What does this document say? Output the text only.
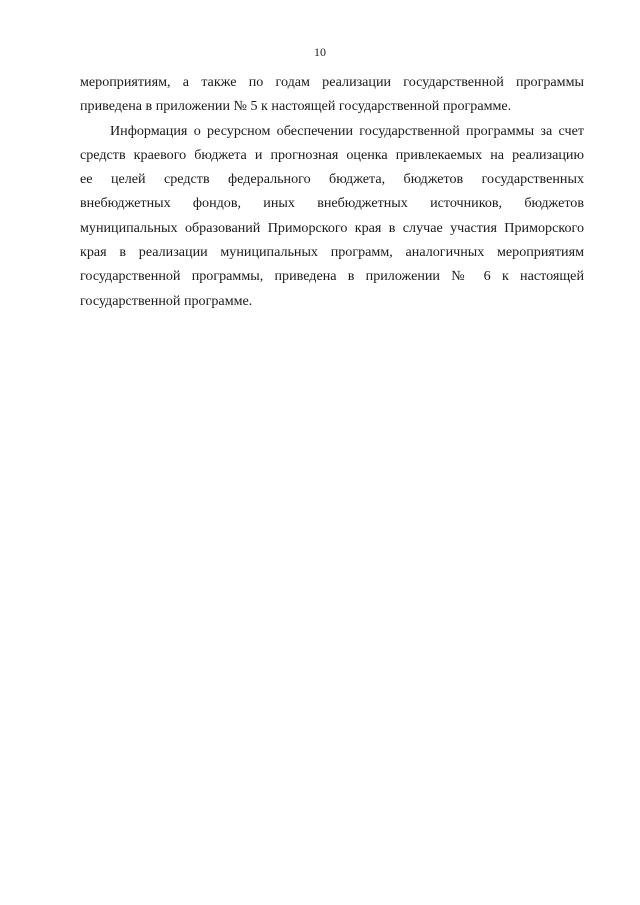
10

мероприятиям, а также по годам реализации государственной программы
приведена в приложении № 5 к настоящей государственной программе.

Информация о ресурсном обеспечении государственной программы за счет
средств краевого бюджета и прогнозная оценка привлекаемых на реализацию
ее целей средств федерального бюджета, бюджетов государственных
внебюджетных фондов, иных внебюджетных источников, бюджетов
муниципальных образований Приморского края в случае участия Приморского
края в реализации муниципальных программ, аналогичных мероприятиям
государственной программы, приведена в приложении № 6 к настоящей
государственной программе.
